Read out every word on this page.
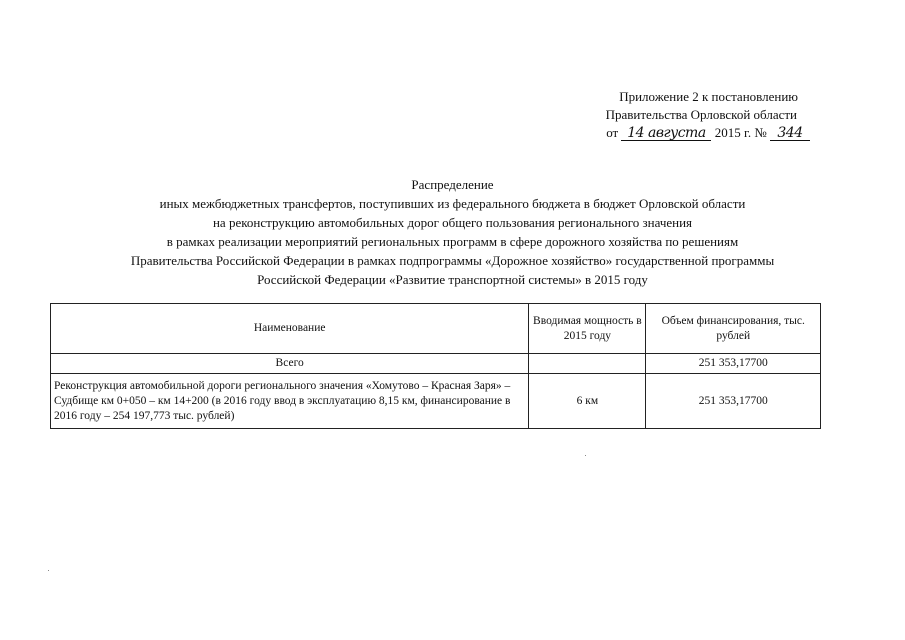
Приложение 2 к постановлению
Правительства Орловской области
от
14 августа
2015 г. №
344
Распределение
иных межбюджетных трансфертов, поступивших из федерального бюджета в бюджет Орловской области
на реконструкцию автомобильных дорог общего пользования регионального значения
в рамках реализации мероприятий региональных программ в сфере дорожного хозяйства по решениям
Правительства Российской Федерации в рамках подпрограммы «Дорожное хозяйство» государственной программы
Российской Федерации «Развитие транспортной системы» в 2015 году
Наименование	Вводимая мощность в 2015 году	Объем финансирования, тыс. рублей
Всего		251 353,17700
Реконструкция автомобильной дороги регионального значения «Хомутово – Красная Заря» – Судбище км 0+050 – км 14+200 (в 2016 году ввод в эксплуатацию 8,15 км, финансирование в 2016 году – 254 197,773 тыс. рублей)	6 км	251 353,17700
